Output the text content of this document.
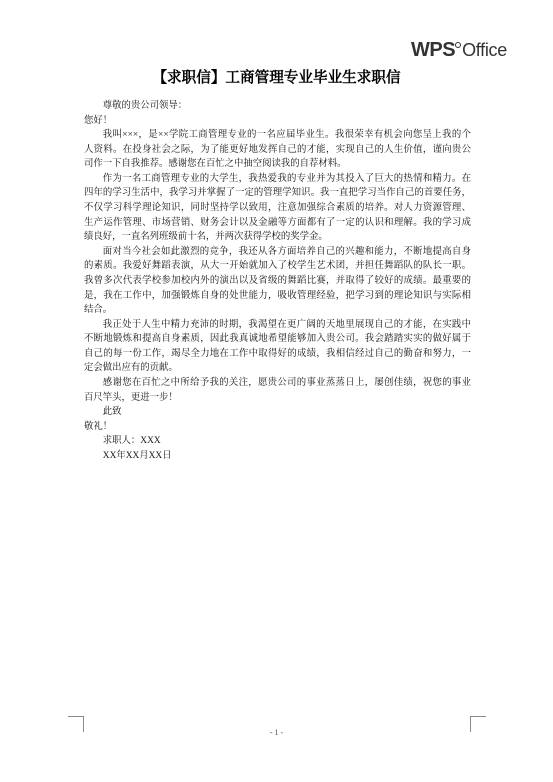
WPS Office
【求职信】工商管理专业毕业生求职信
尊敬的贵公司领导：
您好！
我叫×××，是××学院工商管理专业的一名应届毕业生。我很荣幸有机会向您呈上我的个
人资料。在投身社会之际，为了能更好地发挥自己的才能，实现自己的人生价值，谨向贵公
司作一下自我推荐。感谢您在百忙之中抽空阅读我的自荐材料。
作为一名工商管理专业的大学生，我热爱我的专业并为其投入了巨大的热情和精力。在
四年的学习生活中，我学习并掌握了一定的管理学知识。我一直把学习当作自己的首要任务，
不仅学习科学理论知识，同时坚持学以致用，注意加强综合素质的培养。对人力资源管理、
生产运作管理、市场营销、财务会计以及金融等方面都有了一定的认识和理解。我的学习成
绩良好，一直名列班级前十名，并两次获得学校的奖学金。
面对当今社会如此激烈的竞争，我还从各方面培养自己的兴趣和能力，不断地提高自身
的素质。我爱好舞蹈表演，从大一开始就加入了校学生艺术团，并担任舞蹈队的队长一职。
我曾多次代表学校参加校内外的演出以及省级的舞蹈比赛，并取得了较好的成绩。最重要的
是，我在工作中，加强锻炼自身的处世能力，吸收管理经验，把学习到的理论知识与实际相
结合。
我正处于人生中精力充沛的时期，我渴望在更广阔的天地里展现自己的才能，在实践中
不断地锻炼和提高自身素质，因此我真诚地希望能够加入贵公司。我会踏踏实实的做好属于
自己的每一份工作，竭尽全力地在工作中取得好的成绩，我相信经过自己的勤奋和努力，一
定会做出应有的贡献。
感谢您在百忙之中所给予我的关注，愿贵公司的事业蒸蒸日上，屡创佳绩，祝您的事业
百尺竿头，更进一步！
此致
敬礼！
求职人：XXX
XX年XX月XX日
- 1 -
